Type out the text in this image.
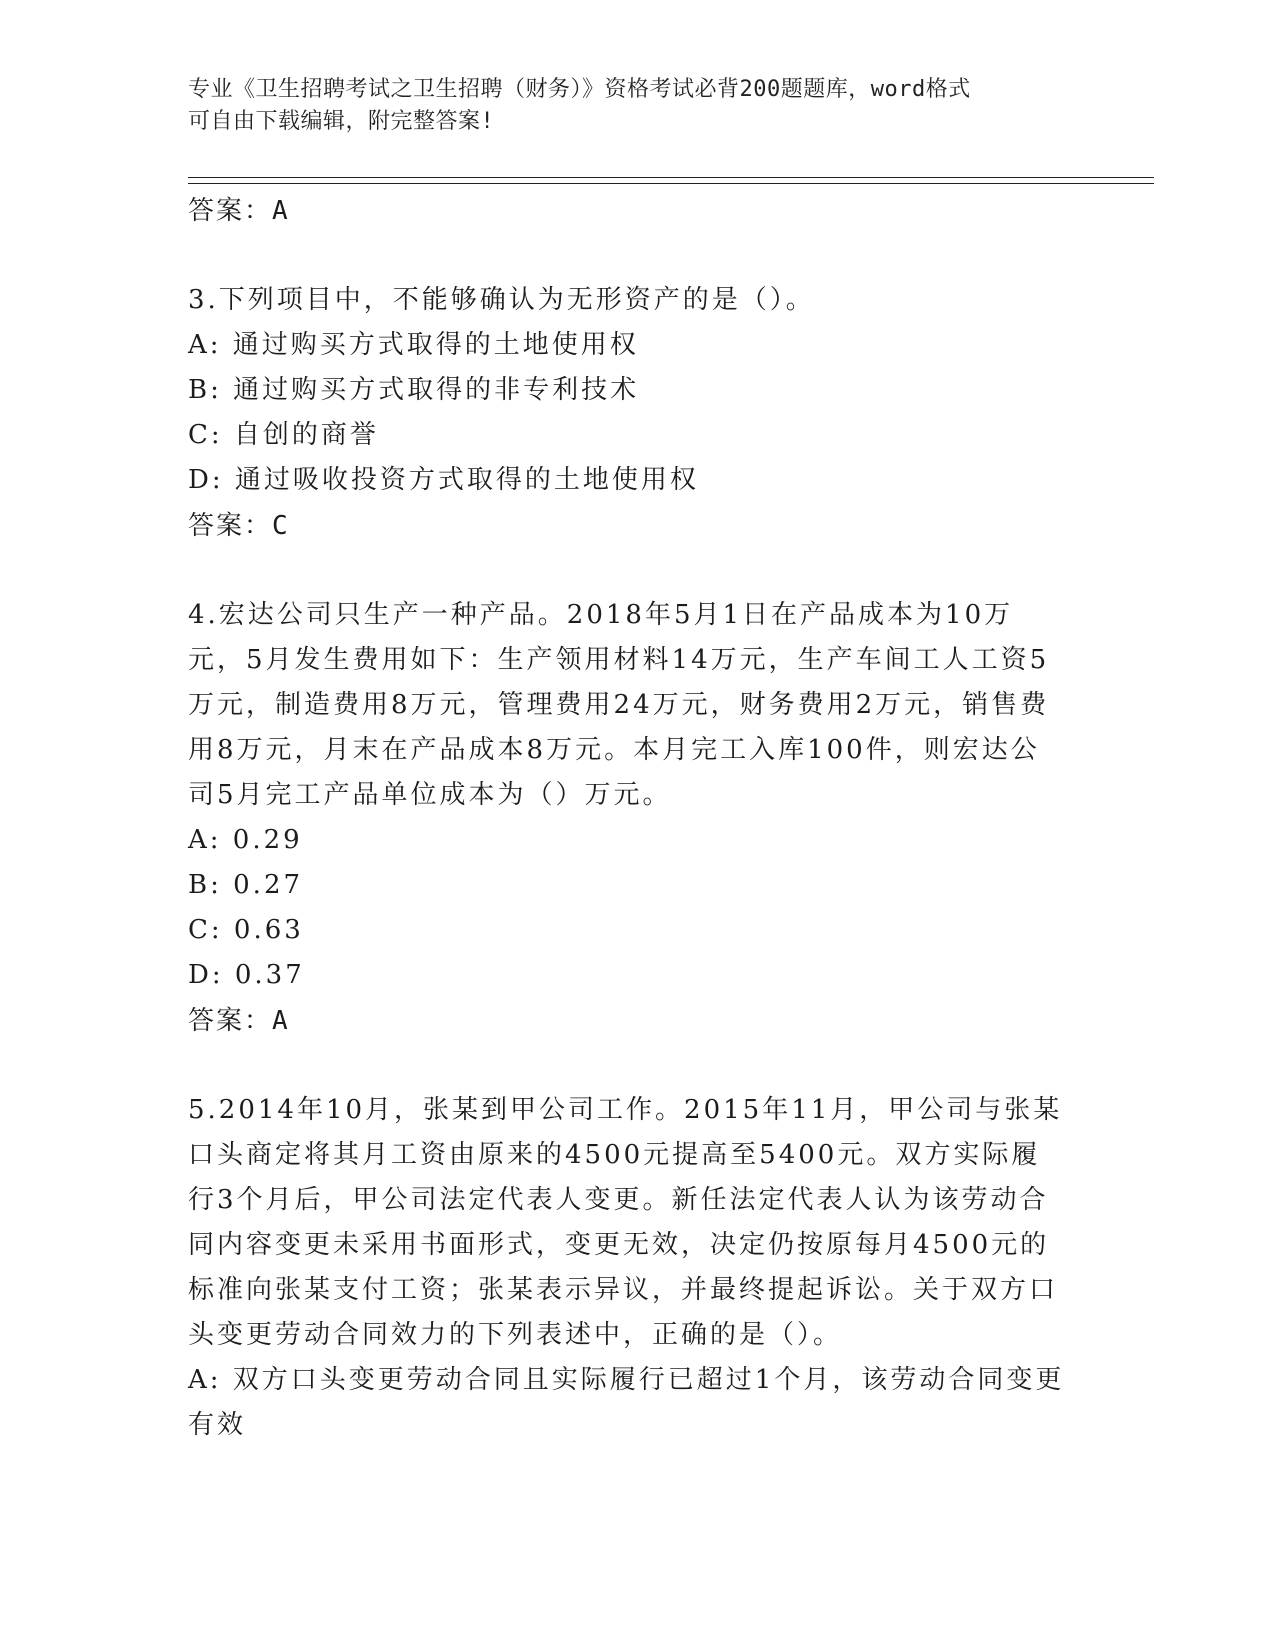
专业《卫生招聘考试之卫生招聘（财务）》资格考试必背200题题库，word格式
可自由下载编辑，附完整答案!
答案：A
3.下列项目中，不能够确认为无形资产的是（）。
A: 通过购买方式取得的土地使用权
B: 通过购买方式取得的非专利技术
C: 自创的商誉
D: 通过吸收投资方式取得的土地使用权
答案：C
4.宏达公司只生产一种产品。2018年5月1日在产品成本为10万元，5月发生费用如下：生产领用材料14万元，生产车间工人工资5万元，制造费用8万元，管理费用24万元，财务费用2万元，销售费用8万元，月末在产品成本8万元。本月完工入库100件，则宏达公司5月完工产品单位成本为（）万元。
A: 0.29
B: 0.27
C: 0.63
D: 0.37
答案：A
5.2014年10月，张某到甲公司工作。2015年11月，甲公司与张某口头商定将其月工资由原来的4500元提高至5400元。双方实际履行3个月后，甲公司法定代表人变更。新任法定代表人认为该劳动合同内容变更未采用书面形式，变更无效，决定仍按原每月4500元的标准向张某支付工资；张某表示异议，并最终提起诉讼。关于双方口头变更劳动合同效力的下列表述中，正确的是（）。
A: 双方口头变更劳动合同且实际履行已超过1个月，该劳动合同变更有效
